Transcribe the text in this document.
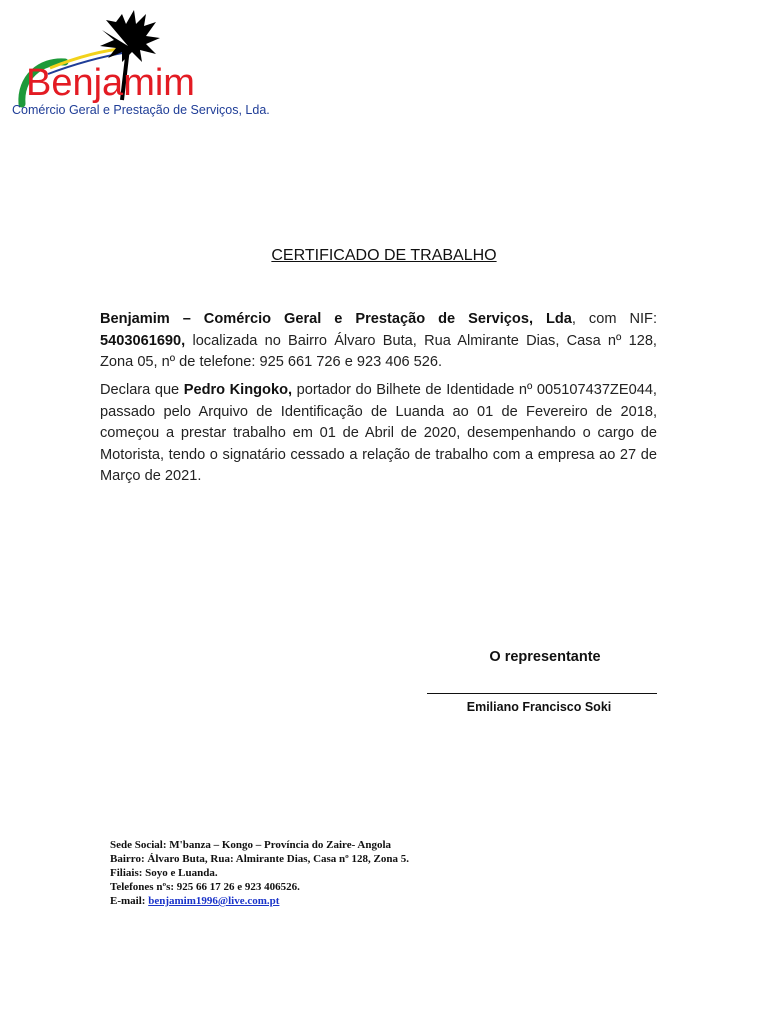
Benjamim
Comércio Geral e Prestação de Serviços, Lda.
CERTIFICADO DE TRABALHO
Benjamim – Comércio Geral e Prestação de Serviços, Lda, com NIF: 5403061690, localizada no Bairro Álvaro Buta, Rua Almirante Dias, Casa nº 128, Zona 05, nº de telefone: 925 661 726 e 923 406 526.
Declara que Pedro Kingoko, portador do Bilhete de Identidade nº 005107437ZE044, passado pelo Arquivo de Identificação de Luanda ao 01 de Fevereiro de 2018, começou a prestar trabalho em 01 de Abril de 2020, desempenhando o cargo de Motorista, tendo o signatário cessado a relação de trabalho com a empresa ao 27 de Março de 2021.
O representante
Emiliano Francisco Soki
Sede Social: M'banza – Kongo – Província do Zaire- Angola
Bairro: Álvaro Buta, Rua: Almirante Dias, Casa nº 128, Zona 5.
Filiais: Soyo e Luanda.
Telefones nºs: 925 66 17 26 e 923 406526.
E-mail: benjamim1996@live.com.pt
